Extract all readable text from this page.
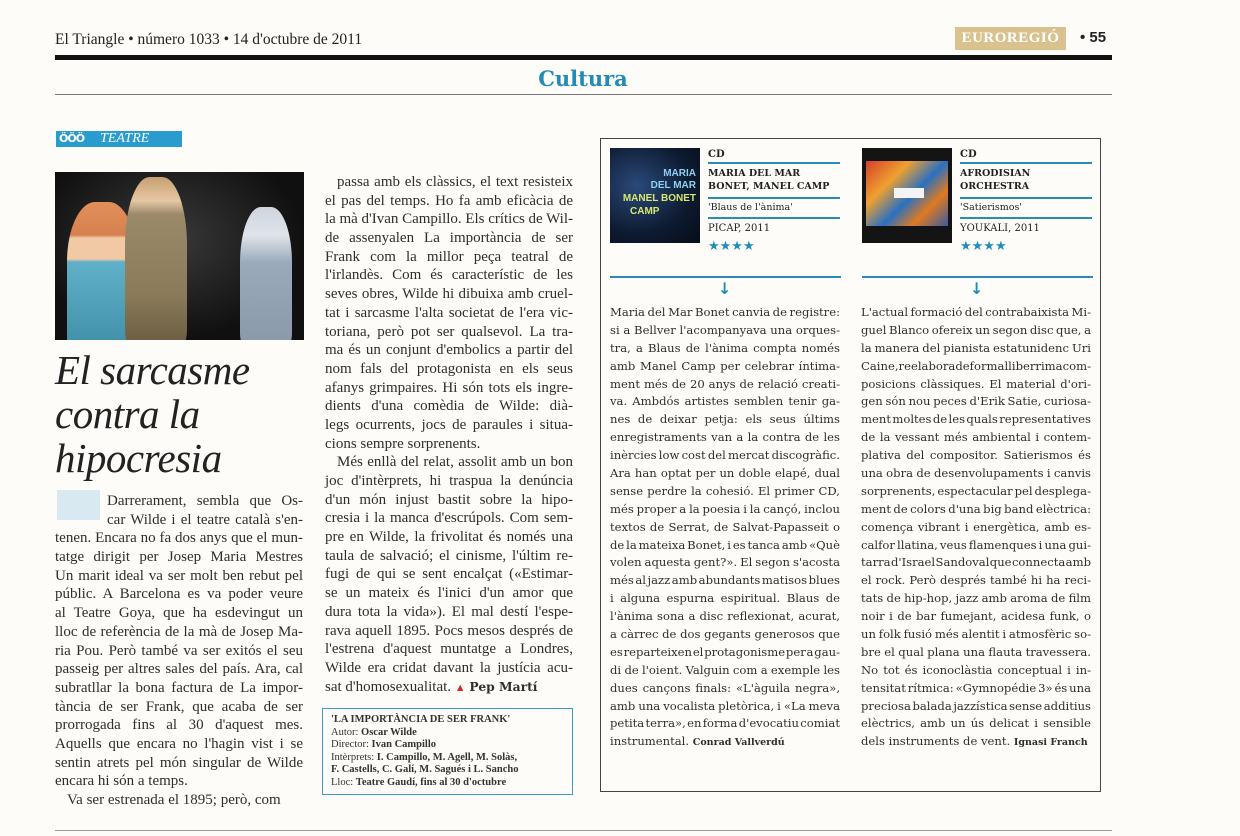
El Triangle • número 1033 • 14 d'octubre de 2011	EUROREGIÓ	• 55
Cultura
ÖÖÖ TEATRE
El sarcasme
contra la
hipocresia
Darrerament, sembla que Os-
car Wilde i el teatre català s'en-
tenen. Encara no fa dos anys que el mun-
tatge dirigit per Josep Maria Mestres
Un marit ideal va ser molt ben rebut pel
públic. A Barcelona es va poder veure
al Teatre Goya, que ha esdevingut un
lloc de referència de la mà de Josep Ma-
ria Pou. Però també va ser exitós el seu
passeig per altres sales del país. Ara, cal
subratllar la bona factura de La impor-
tància de ser Frank, que acaba de ser
prorrogada fins al 30 d'aquest mes.
Aquells que encara no l'hagin vist i se
sentin atrets pel món singular de Wilde
encara hi són a temps.
Va ser estrenada el 1895; però, com
passa amb els clàssics, el text resisteix
el pas del temps. Ho fa amb eficàcia de
la mà d'Ivan Campillo. Els crítics de Wil-
de assenyalen La importància de ser
Frank com la millor peça teatral de
l'irlandès. Com és característic de les
seves obres, Wilde hi dibuixa amb cruel-
tat i sarcasme l'alta societat de l'era vic-
toriana, però pot ser qualsevol. La tra-
ma és un conjunt d'embolics a partir del
nom fals del protagonista en els seus
afanys grimpaires. Hi són tots els ingre-
dients d'una comèdia de Wilde: dià-
legs ocurrents, jocs de paraules i situa-
cions sempre sorprenents.
Més enllà del relat, assolit amb un bon
joc d'intèrprets, hi traspua la denúncia
d'un món injust bastit sobre la hipo-
cresia i la manca d'escrúpols. Com sem-
pre en Wilde, la frivolitat és només una
taula de salvació; el cinisme, l'últim re-
fugi de qui se sent encalçat («Estimar-
se un mateix és l'inici d'un amor que
dura tota la vida»). El mal destí l'espe-
rava aquell 1895. Pocs mesos després de
l'estrena d'aquest muntatge a Londres,
Wilde era cridat davant la justícia acu-
sat d'homosexualitat. ▲ Pep Martí
'LA IMPORTÀNCIA DE SER FRANK'
Autor: Oscar Wilde
Director: Ivan Campillo
Intèrprets: I. Campillo, M. Agell, M. Solàs,
F. Castells, C. Galí, M. Sagués i L. Sancho
Lloc: Teatre Gaudí, fins al 30 d'octubre
MARIA
DEL MAR
MANEL BONET
CAMP
CD
MARIA DEL MAR
BONET, MANEL CAMP
'Blaus de l'ànima'
PICAP, 2011
★★★★
CD
AFRODISIAN
ORCHESTRA
'Satierismos'
YOUKALI, 2011
★★★★
↓	↓
Maria del Mar Bonet canvia de registre:
si a Bellver l'acompanyava una orques-
tra, a Blaus de l'ànima compta només
amb Manel Camp per celebrar íntima-
ment més de 20 anys de relació creati-
va. Ambdós artistes semblen tenir ga-
nes de deixar petja: els seus últims
enregistraments van a la contra de les
inèrcies low cost del mercat discogràfic.
Ara han optat per un doble elapé, dual
sense perdre la cohesió. El primer CD,
més proper a la poesia i la cançó, inclou
textos de Serrat, de Salvat-Papasseit o
de la mateixa Bonet, i es tanca amb «Què
volen aquesta gent?». El segon s'acosta
més al jazz amb abundants matisos blues
i alguna espurna espiritual. Blaus de
l'ànima sona a disc reflexionat, acurat,
a càrrec de dos gegants generosos que
es reparteixen el protagonisme per a gau-
di de l'oient. Valguin com a exemple les
dues cançons finals: «L'àguila negra»,
amb una vocalista pletòrica, i «La meva
petita terra», en forma d'evocatiu comiat
instrumental. Conrad Vallverdú
L'actual formació del contrabaixista Mi-
guel Blanco ofereix un segon disc que, a
la manera del pianista estatunidenc Uri
Caine, reelabora de forma lliberrima com-
posicions clàssiques. El material d'ori-
gen són nou peces d'Erik Satie, curiosa-
ment moltes de les quals representatives
de la vessant més ambiental i contem-
plativa del compositor. Satierismos és
una obra de desenvolupaments i canvis
sorprenents, espectacular pel desplega-
ment de colors d'una big band elèctrica:
comença vibrant i energètica, amb es-
calfor llatina, veus flamenques i una gui-
tarra d'Israel Sandoval que connecta amb
el rock. Però després també hi ha reci-
tats de hip-hop, jazz amb aroma de film
noir i de bar fumejant, acidesa funk, o
un folk fusió més alentit i atmosfèric so-
bre el qual plana una flauta travessera.
No tot és iconoclàstia conceptual i in-
tensitat rítmica: «Gymnopédie 3» és una
preciosa balada jazzística sense additius
elèctrics, amb un ús delicat i sensible
dels instruments de vent. Ignasi Franch
